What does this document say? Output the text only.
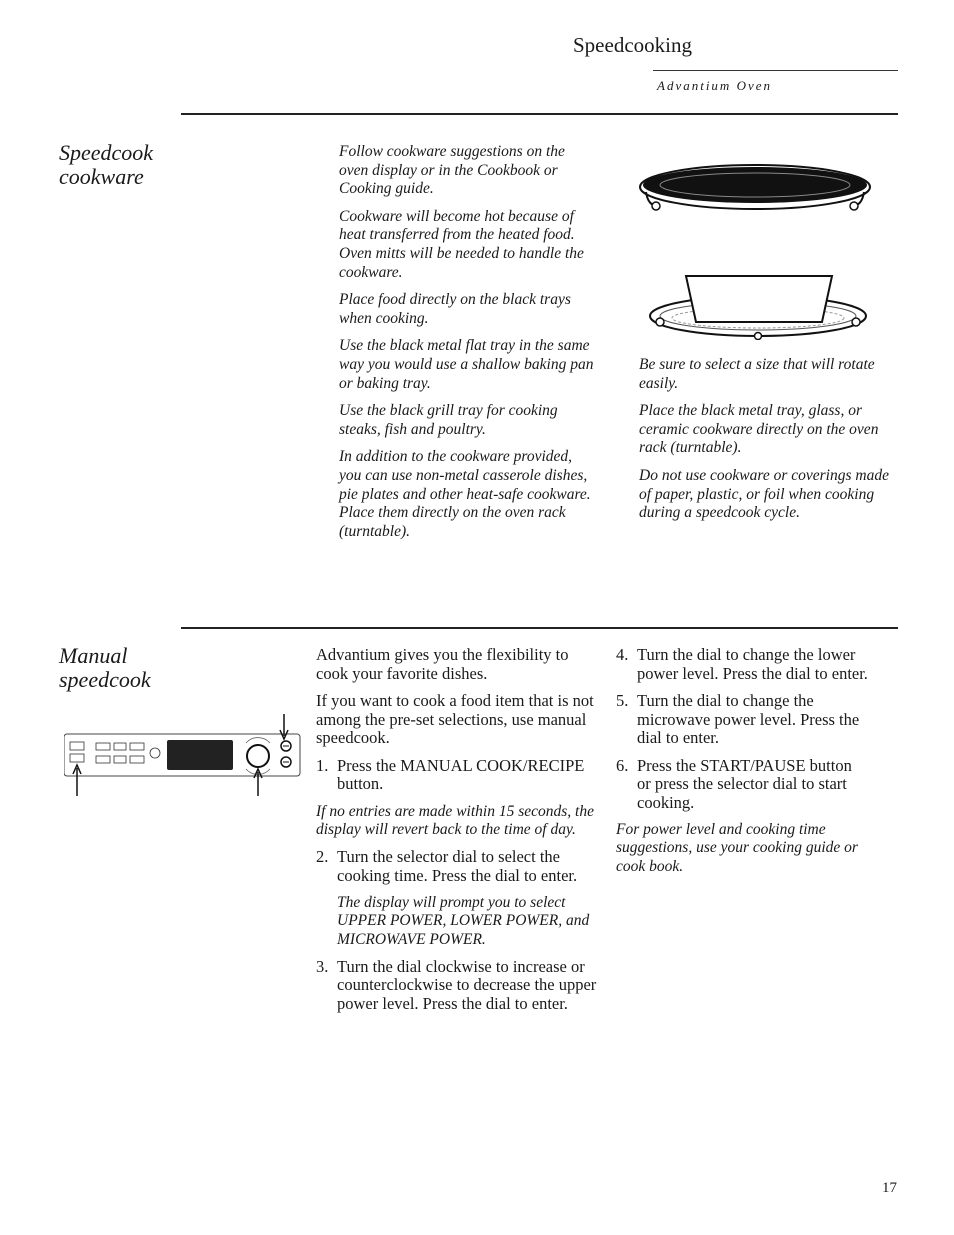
Speedcooking
Advantium Oven
Speedcook
cookware

Follow cookware suggestions on the oven display or in the Cookbook or Cooking guide.

Cookware will become hot because of heat transferred from the heated food. Oven mitts will be needed to handle the cookware.

Place food directly on the black trays when cooking.

Use the black metal flat tray in the same way you would use a shallow baking pan or baking tray.

Use the black grill tray for cooking steaks, fish and poultry.

In addition to the cookware provided, you can use non-metal casserole dishes, pie plates and other heat-safe cookware. Place them directly on the oven rack (turntable).

Be sure to select a size that will rotate easily.

Place the black metal tray, glass, or ceramic cookware directly on the oven rack (turntable).

Do not use cookware or coverings made of paper, plastic, or foil when cooking during a speedcook cycle.

Manual
speedcook

Advantium gives you the flexibility to cook your favorite dishes.

If you want to cook a food item that is not among the pre-set selections, use manual speedcook.

1. Press the MANUAL COOK/RECIPE button.

If no entries are made within 15 seconds, the display will revert back to the time of day.

2. Turn the selector dial to select the cooking time. Press the dial to enter.

The display will prompt you to select UPPER POWER, LOWER POWER, and MICROWAVE POWER.

3. Turn the dial clockwise to increase or counterclockwise to decrease the upper power level. Press the dial to enter.
4. Turn the dial to change the lower power level. Press the dial to enter.
5. Turn the dial to change the microwave power level. Press the dial to enter.
6. Press the START/PAUSE button or press the selector dial to start cooking.

For power level and cooking time suggestions, use your cooking guide or cook book.

17
